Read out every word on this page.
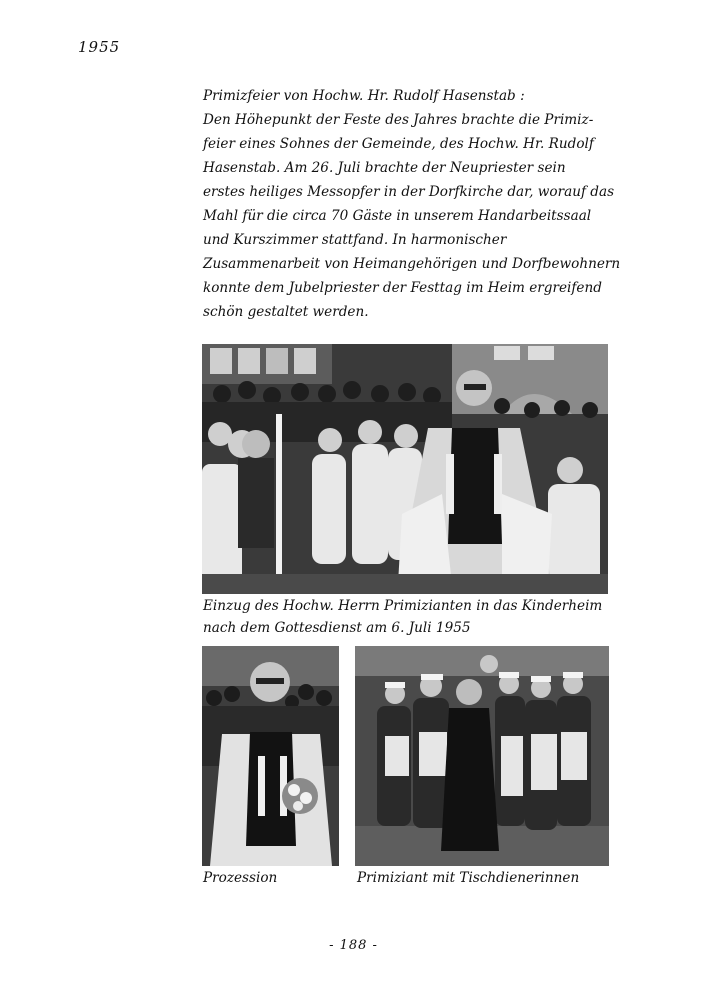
1955
Primizfeier von Hochw. Hr. Rudolf Hasenstab :
Den Höhepunkt der Feste des Jahres brachte die Primiz-
feier eines Sohnes der Gemeinde, des Hochw. Hr. Rudolf
Hasenstab. Am 26. Juli brachte der Neupriester sein
erstes heiliges Messopfer in der Dorfkirche dar, worauf das
Mahl für die circa 70 Gäste in unserem Handarbeitssaal
und Kurszimmer stattfand. In harmonischer
Zusammenarbeit von Heimangehörigen und Dorfbewohnern
konnte dem Jubelpriester der Festtag im Heim ergreifend
schön gestaltet werden.
Einzug des Hochw. Herrn Primizianten in das Kinderheim
nach dem Gottesdienst am 6. Juli 1955
Prozession	Primiziant mit Tischdienerinnen
- 188 -
